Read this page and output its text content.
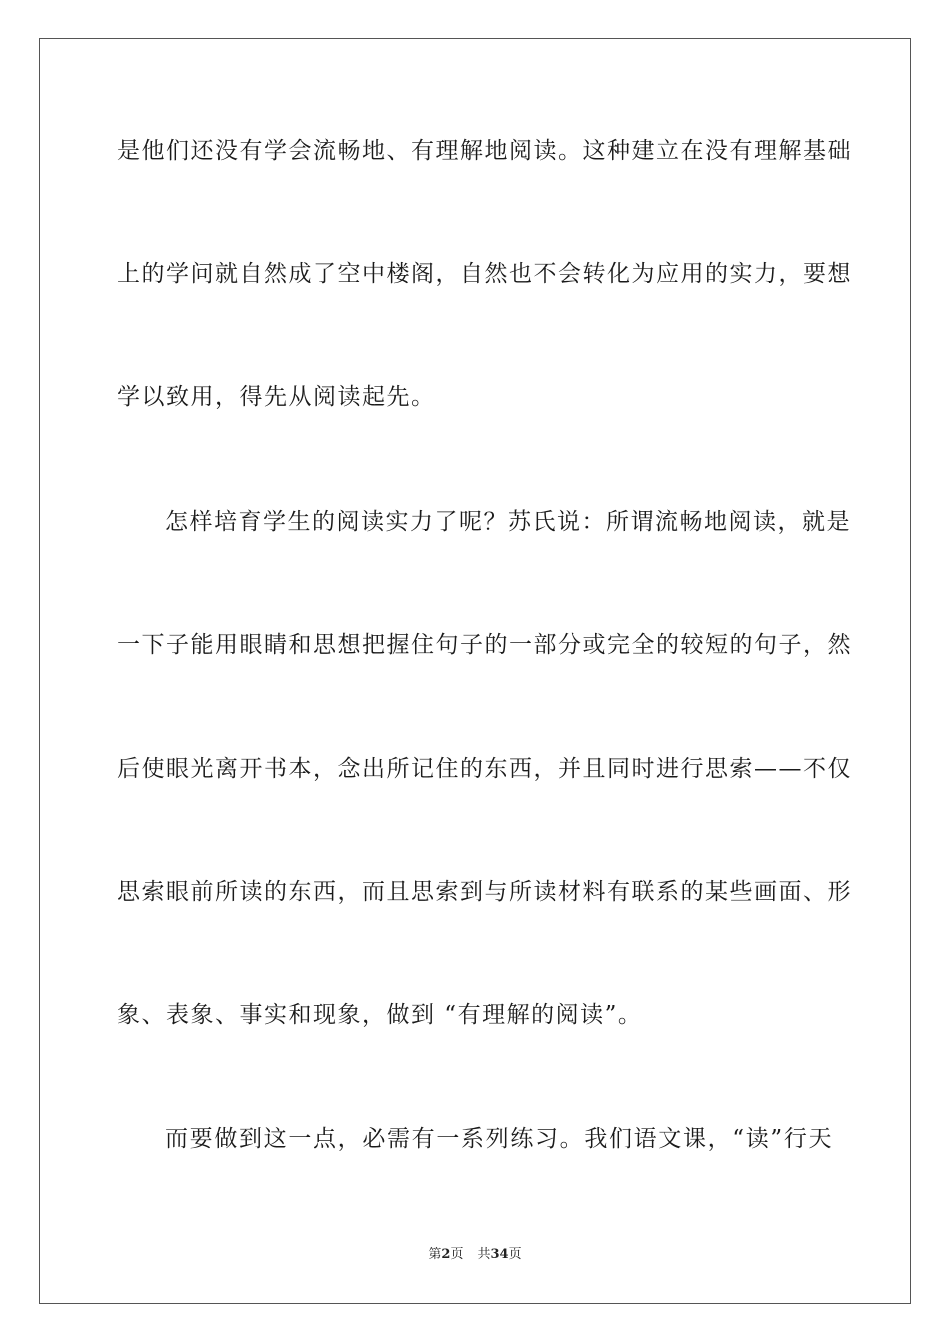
是他们还没有学会流畅地、有理解地阅读。这种建立在没有理解基础
上的学问就自然成了空中楼阁，自然也不会转化为应用的实力，要想
学以致用，得先从阅读起先。
怎样培育学生的阅读实力了呢？苏氏说：所谓流畅地阅读，就是
一下子能用眼睛和思想把握住句子的一部分或完全的较短的句子，然
后使眼光离开书本，念出所记住的东西，并且同时进行思索——不仅
思索眼前所读的东西，而且思索到与所读材料有联系的某些画面、形
象、表象、事实和现象，做到 “有理解的阅读”。
而要做到这一点，必需有一系列练习。我们语文课，“读”行天
第2页 共34页
